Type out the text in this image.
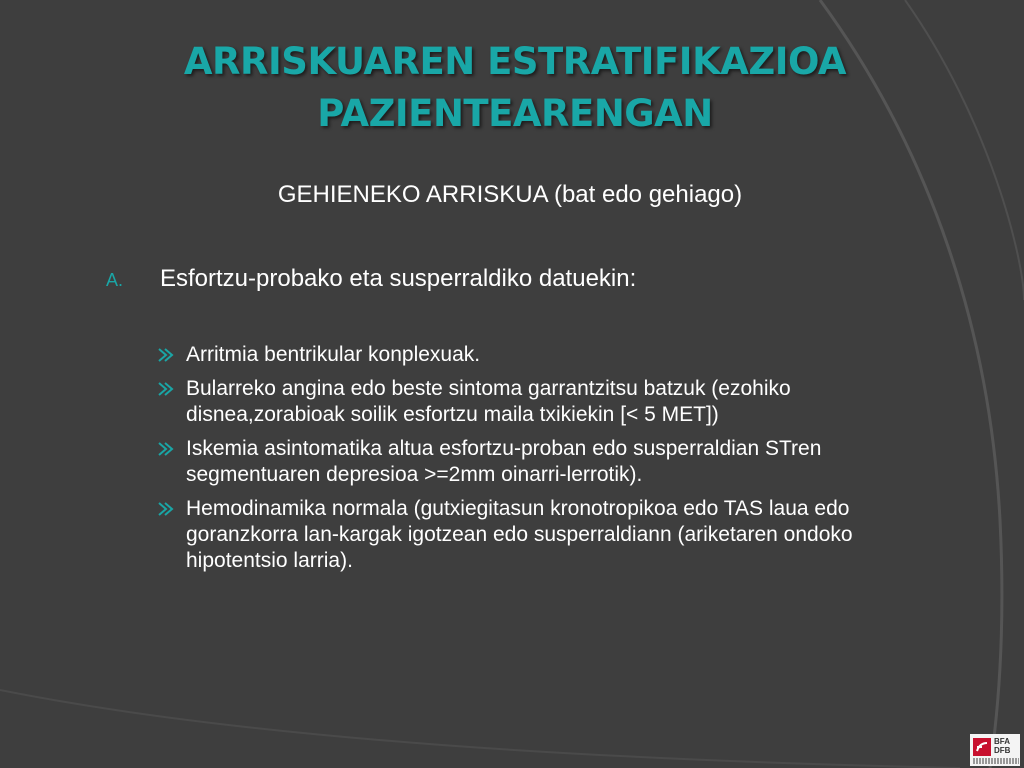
ARRISKUAREN ESTRATIFIKAZIOA
PAZIENTEARENGAN
GEHIENEKO ARRISKUA (bat edo gehiago)
A. Esfortzu-probako eta susperraldiko datuekin:
Arritmia bentrikular konplexuak.
Bularreko angina edo beste sintoma garrantzitsu batzuk (ezohiko disnea,zorabioak soilik esfortzu maila txikiekin [< 5 MET])
Iskemia asintomatika altua esfortzu-proban edo susperraldian STren segmentuaren depresioa >=2mm oinarri-lerrotik).
Hemodinamika normala (gutxiegitasun kronotropikoa edo TAS laua edo goranzkorra lan-kargak igotzean edo susperraldiann (ariketaren ondoko hipotentsio larria).
BFA
DFB
